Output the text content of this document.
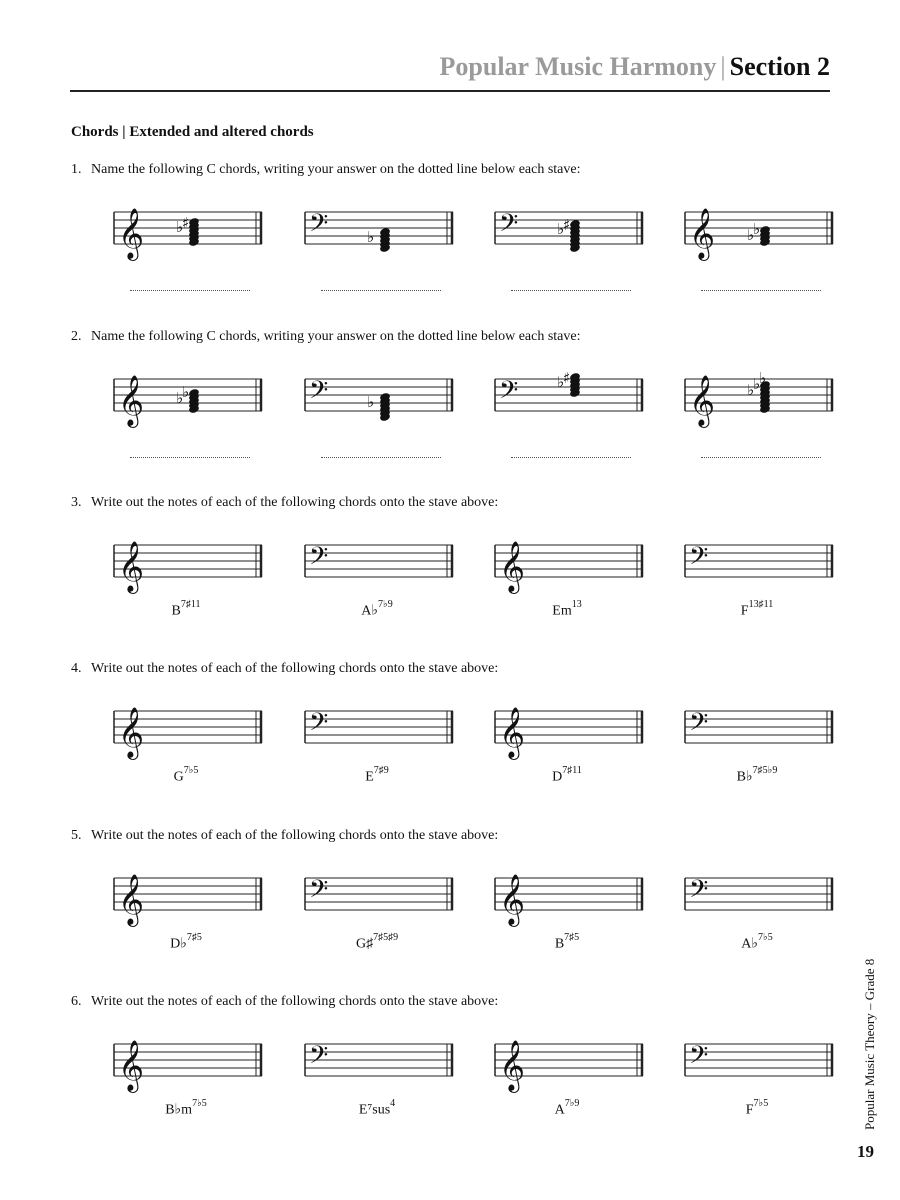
Popular Music Harmony | Section 2
Chords | Extended and altered chords
1. Name the following C chords, writing your answer on the dotted line below each stave:
𝄞 ♭
♯	𝄢	♭	𝄢	♭
♯	𝄞 ♭
♭
2. Name the following C chords, writing your answer on the dotted line below each stave:
𝄞 ♭
♭	𝄢	♭	𝄢	♭
♯	𝄞 ♭
♭
♭
3. Write out the notes of each of the following chords onto the stave above:
𝄞
$B^{7♯11}$
𝄢
A♭$^{7♭9}$
𝄞
Em$^{13}$
𝄢
$F^{13♯11}$
4. Write out the notes of each of the following chords onto the stave above:
𝄞
$G^{7♭5}$
𝄢
$E^{7♯9}$
𝄞
$D^{7♯11}$
𝄢
B♭$^{7♯5♭9}$
5. Write out the notes of each of the following chords onto the stave above:
𝄞
D♭$^{7♯5}$
𝄢
G♯$^{7♯5♯9}$
𝄞
$B^{7♯5}$
𝄢
A♭$^{7♭5}$
6. Write out the notes of each of the following chords onto the stave above:
𝄞
$B♭m^{7♭5}$
𝄢
E⁷sus$^4$
𝄞
$A^{7♭9}$
𝄢
$F^{7♭5}$	Popular Music Theory – Grade 8
19
